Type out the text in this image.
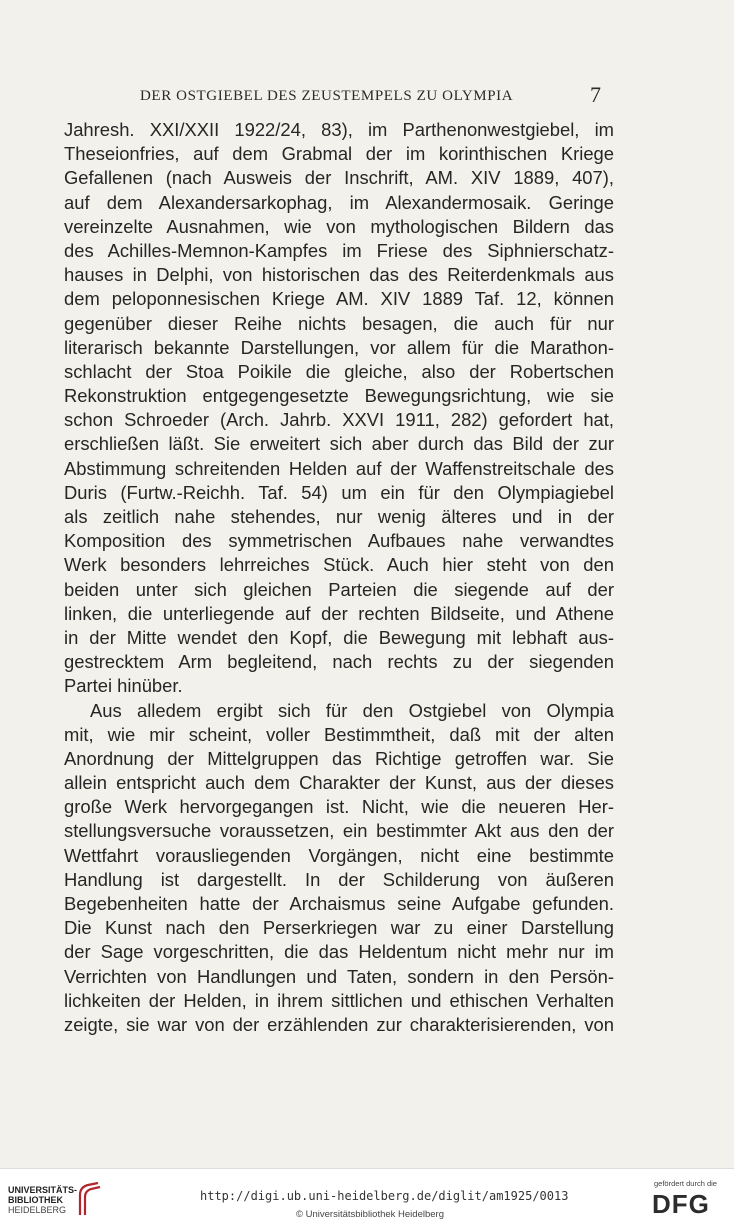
DER OSTGIEBEL DES ZEUSTEMPELS ZU OLYMPIA	7
Jahresh. XXI/XXII 1922/24, 83), im Parthenonwestgiebel, im
Theseionfries, auf dem Grabmal der im korinthischen Kriege
Gefallenen (nach Ausweis der Inschrift, AM. XIV 1889, 407),
auf dem Alexandersarkophag, im Alexandermosaik. Geringe
vereinzelte Ausnahmen, wie von mythologischen Bildern das
des Achilles-Memnon-Kampfes im Friese des Siphnierschatz-
hauses in Delphi, von historischen das des Reiterdenkmals aus
dem peloponnesischen Kriege AM. XIV 1889 Taf. 12, können
gegenüber dieser Reihe nichts besagen, die auch für nur
literarisch bekannte Darstellungen, vor allem für die Marathon-
schlacht der Stoa Poikile die gleiche, also der Robertschen
Rekonstruktion entgegengesetzte Bewegungsrichtung, wie sie
schon Schroeder (Arch. Jahrb. XXVI 1911, 282) gefordert hat,
erschließen läßt. Sie erweitert sich aber durch das Bild der zur
Abstimmung schreitenden Helden auf der Waffenstreitschale des
Duris (Furtw.-Reichh. Taf. 54) um ein für den Olympiagiebel
als zeitlich nahe stehendes, nur wenig älteres und in der
Komposition des symmetrischen Aufbaues nahe verwandtes
Werk besonders lehrreiches Stück. Auch hier steht von den
beiden unter sich gleichen Parteien die siegende auf der
linken, die unterliegende auf der rechten Bildseite, und Athene
in der Mitte wendet den Kopf, die Bewegung mit lebhaft aus-
gestrecktem Arm begleitend, nach rechts zu der siegenden
Partei hinüber.
Aus alledem ergibt sich für den Ostgiebel von Olympia
mit, wie mir scheint, voller Bestimmtheit, daß mit der alten
Anordnung der Mittelgruppen das Richtige getroffen war. Sie
allein entspricht auch dem Charakter der Kunst, aus der dieses
große Werk hervorgegangen ist. Nicht, wie die neueren Her-
stellungsversuche voraussetzen, ein bestimmter Akt aus den der
Wettfahrt vorausliegenden Vorgängen, nicht eine bestimmte
Handlung ist dargestellt. In der Schilderung von äußeren
Begebenheiten hatte der Archaismus seine Aufgabe gefunden.
Die Kunst nach den Perserkriegen war zu einer Darstellung
der Sage vorgeschritten, die das Heldentum nicht mehr nur im
Verrichten von Handlungen und Taten, sondern in den Persön-
lichkeiten der Helden, in ihrem sittlichen und ethischen Verhalten
zeigte, sie war von der erzählenden zur charakterisierenden, von
UNIVERSITÄTS-
BIBLIOTHEK
HEIDELBERG
http://digi.ub.uni-heidelberg.de/diglit/am1925/0013
© Universitätsbibliothek Heidelberg
gefördert durch die
DFG
